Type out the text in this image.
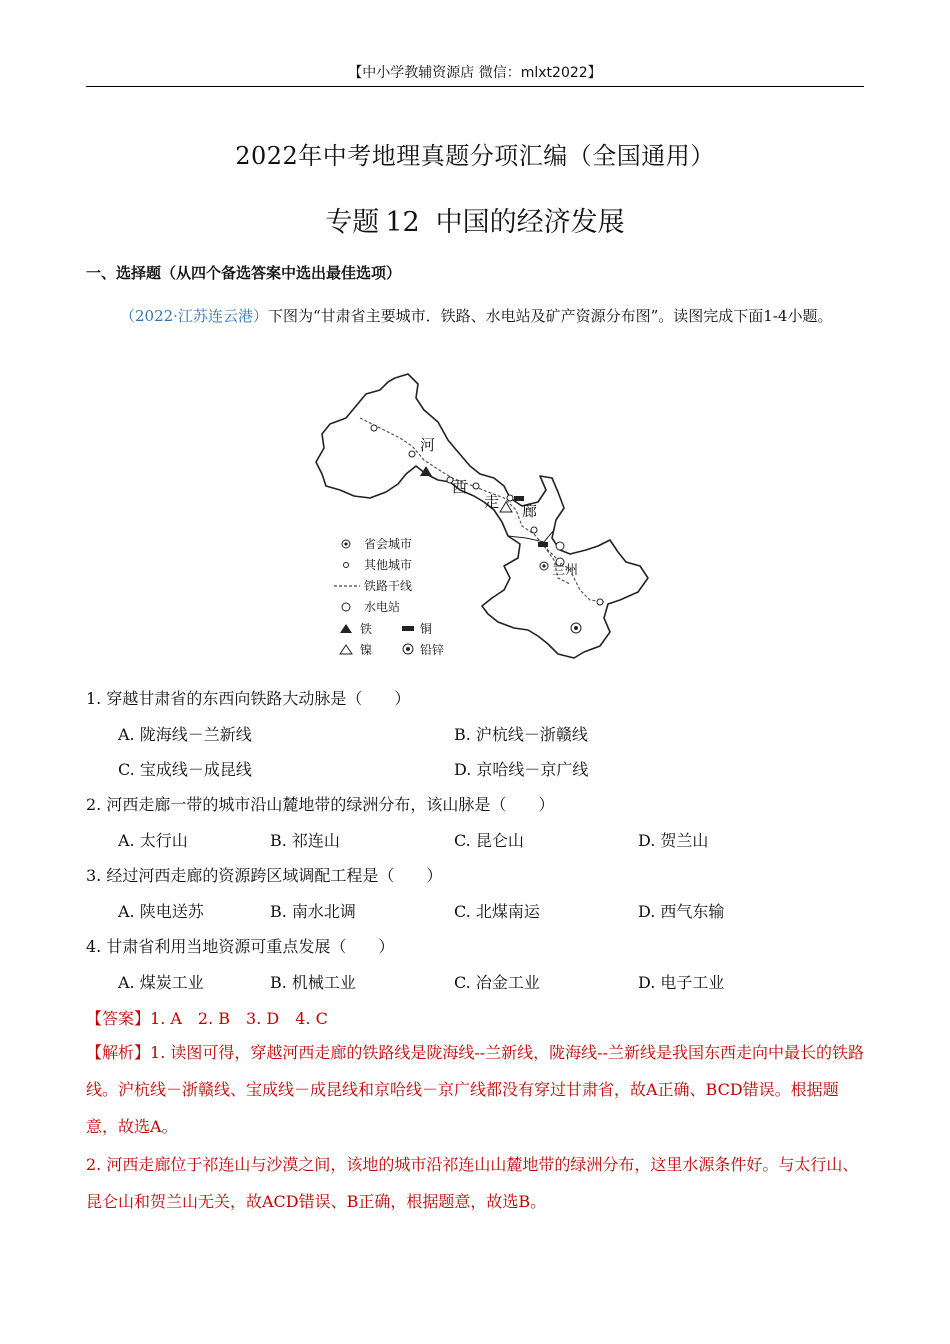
【中小学教辅资源店 微信：mlxt2022】
2022年中考地理真题分项汇编（全国通用）
专题 12 中国的经济发展
一、选择题（从四个备选答案中选出最佳选项）
（2022·江苏连云港）下图为“甘肃省主要城市．铁路、水电站及矿产资源分布图”。读图完成下面1-4小题。
河
西
走 廊
兰州
省会城市
其他城市
铁路干线
水电站
铁	铜
镍	铅锌
1. 穿越甘肃省的东西向铁路大动脉是（　　）
A. 陇海线－兰新线	B. 沪杭线－浙赣线
C. 宝成线－成昆线	D. 京哈线－京广线
2. 河西走廊一带的城市沿山麓地带的绿洲分布，该山脉是（　　）
A. 太行山	B. 祁连山	C. 昆仑山	D. 贺兰山
3. 经过河西走廊的资源跨区域调配工程是（　　）
A. 陕电送苏	B. 南水北调	C. 北煤南运	D. 西气东输
4. 甘肃省利用当地资源可重点发展（　　）
A. 煤炭工业	B. 机械工业	C. 冶金工业	D. 电子工业
【答案】1. A　2. B　3. D　4. C
【解析】1. 读图可得，穿越河西走廊的铁路线是陇海线--兰新线，陇海线--兰新线是我国东西走向中最长的铁路线。沪杭线－浙赣线、宝成线－成昆线和京哈线－京广线都没有穿过甘肃省，故A正确、BCD错误。根据题意，故选A。
2. 河西走廊位于祁连山与沙漠之间，该地的城市沿祁连山山麓地带的绿洲分布，这里水源条件好。与太行山、昆仑山和贺兰山无关，故ACD错误、B正确，根据题意，故选B。
